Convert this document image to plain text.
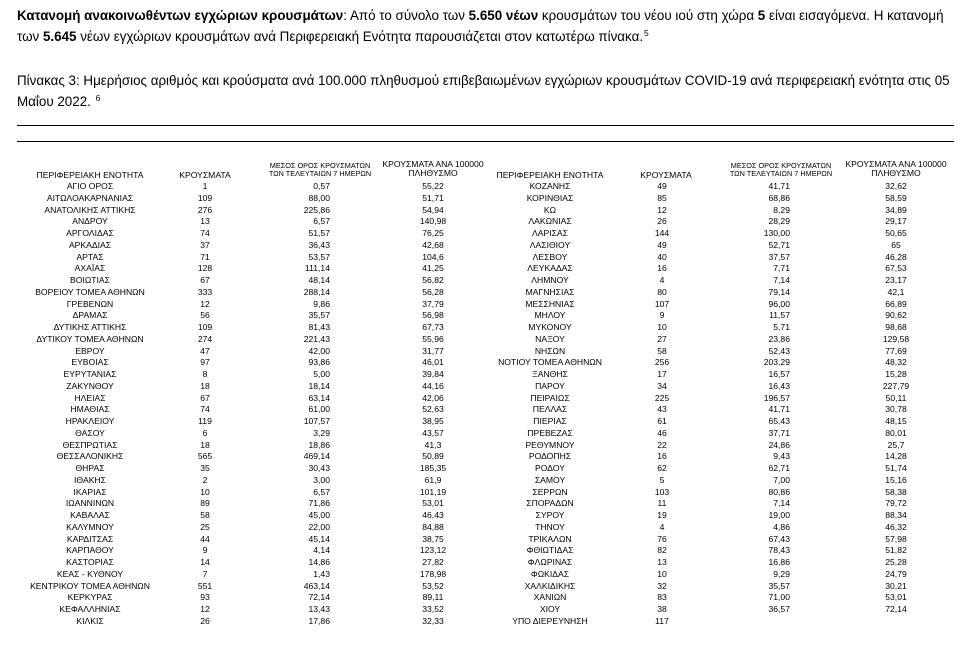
Κατανομή ανακοινωθέντων εγχώριων κρουσμάτων: Από το σύνολο των 5.650 νέων κρουσμάτων του νέου ιού στη χώρα 5 είναι εισαγόμενα. Η κατανομή των 5.645 νέων εγχώριων κρουσμάτων ανά Περιφερειακή Ενότητα παρουσιάζεται στον κατωτέρω πίνακα.$^5$
Πίνακας 3: Ημερήσιος αριθμός και κρούσματα ανά 100.000 πληθυσμού επιβεβαιωμένων εγχώριων κρουσμάτων COVID-19 ανά περιφερειακή ενότητα στις 05 Μαΐου 2022. $^6$
ΠΕΡΙΦΕΡΕΙΑΚΗ ΕΝΟΤΗΤΑ	ΚΡΟΥΣΜΑΤΑ
ΜΕΣΟΣ ΟΡΟΣ ΚΡΟΥΣΜΑΤΩΝ
ΤΩΝ ΤΕΛΕΥΤΑΙΩΝ 7 ΗΜΕΡΩΝ
ΚΡΟΥΣΜΑΤΑ ΑΝΑ 100000
ΠΛΗΘΥΣΜΟ	ΠΕΡΙΦΕΡΕΙΑΚΗ ΕΝΟΤΗΤΑ	ΚΡΟΥΣΜΑΤΑ
ΜΕΣΟΣ ΟΡΟΣ ΚΡΟΥΣΜΑΤΩΝ
ΤΩΝ ΤΕΛΕΥΤΑΙΩΝ 7 ΗΜΕΡΩΝ
ΚΡΟΥΣΜΑΤΑ ΑΝΑ 100000
ΠΛΗΘΥΣΜΟ
ΑΓΙΟ ΟΡΟΣ	1	0,57	55,22
ΑΙΤΩΛΟΑΚΑΡΝΑΝΙΑΣ	109	88,00	51,71
ΑΝΑΤΟΛΙΚΗΣ ΑΤΤΙΚΗΣ	276	225,86	54,94
ΑΝΔΡΟΥ	13	6,57	140,98
ΑΡΓΟΛΙΔΑΣ	74	51,57	76,25
ΑΡΚΑΔΙΑΣ	37	36,43	42,68
ΑΡΤΑΣ	71	53,57	104,6
ΑΧΑΪΑΣ	128	111,14	41,25
ΒΟΙΩΤΙΑΣ	67	48,14	56,82
ΒΟΡΕΙΟΥ ΤΟΜΕΑ ΑΘΗΝΩΝ	333	288,14	56,28
ΓΡΕΒΕΝΩΝ	12	9,86	37,79
ΔΡΑΜΑΣ	56	35,57	56,98
ΔΥΤΙΚΗΣ ΑΤΤΙΚΗΣ	109	81,43	67,73
ΔΥΤΙΚΟΥ ΤΟΜΕΑ ΑΘΗΝΩΝ	274	221,43	55,96
ΕΒΡΟΥ	47	42,00	31,77
ΕΥΒΟΙΑΣ	97	93,86	46,01
ΕΥΡΥΤΑΝΙΑΣ	8	5,00	39,84
ΖΑΚΥΝΘΟΥ	18	18,14	44,16
ΗΛΕΙΑΣ	67	63,14	42,06
ΗΜΑΘΙΑΣ	74	61,00	52,63
ΗΡΑΚΛΕΙΟΥ	119	107,57	38,95
ΘΑΣΟΥ	6	3,29	43,57
ΘΕΣΠΡΩΤΙΑΣ	18	18,86	41,3
ΘΕΣΣΑΛΟΝΙΚΗΣ	565	469,14	50,89
ΘΗΡΑΣ	35	30,43	185,35
ΙΘΑΚΗΣ	2	3,00	61,9
ΙΚΑΡΙΑΣ	10	6,57	101,19
ΙΩΑΝΝΙΝΩΝ	89	71,86	53,01
ΚΑΒΑΛΑΣ	58	45,00	46,43
ΚΑΛΥΜΝΟΥ	25	22,00	84,88
ΚΑΡΔΙΤΣΑΣ	44	45,14	38,75
ΚΑΡΠΑΘΟΥ	9	4,14	123,12
ΚΑΣΤΟΡΙΑΣ	14	14,86	27,82
ΚΕΑΣ - ΚΥΘΝΟΥ	7	1,43	178,98
ΚΕΝΤΡΙΚΟΥ ΤΟΜΕΑ ΑΘΗΝΩΝ	551	463,14	53,52
ΚΕΡΚΥΡΑΣ	93	72,14	89,11
ΚΕΦΑΛΛΗΝΙΑΣ	12	13,43	33,52
ΚΙΛΚΙΣ	26	17,86	32,33
ΚΟΖΑΝΗΣ	49	41,71	32,62
ΚΟΡΙΝΘΙΑΣ	85	68,86	58,59
ΚΩ	12	8,29	34,89
ΛΑΚΩΝΙΑΣ	26	28,29	29,17
ΛΑΡΙΣΑΣ	144	130,00	50,65
ΛΑΣΙΘΙΟΥ	49	52,71	65
ΛΕΣΒΟΥ	40	37,57	46,28
ΛΕΥΚΑΔΑΣ	16	7,71	67,53
ΛΗΜΝΟΥ	4	7,14	23,17
ΜΑΓΝΗΣΙΑΣ	80	79,14	42,1
ΜΕΣΣΗΝΙΑΣ	107	96,00	66,89
ΜΗΛΟΥ	9	11,57	90,62
ΜΥΚΟΝΟΥ	10	5,71	98,68
ΝΑΞΟΥ	27	23,86	129,58
ΝΗΣΩΝ	58	52,43	77,69
ΝΟΤΙΟΥ ΤΟΜΕΑ ΑΘΗΝΩΝ	256	203,29	48,32
ΞΑΝΘΗΣ	17	16,57	15,28
ΠΑΡΟΥ	34	16,43	227,79
ΠΕΙΡΑΙΩΣ	225	196,57	50,11
ΠΕΛΛΑΣ	43	41,71	30,78
ΠΙΕΡΙΑΣ	61	65,43	48,15
ΠΡΕΒΕΖΑΣ	46	37,71	80,01
ΡΕΘΥΜΝΟΥ	22	24,86	25,7
ΡΟΔΟΠΗΣ	16	9,43	14,28
ΡΟΔΟΥ	62	62,71	51,74
ΣΑΜΟΥ	5	7,00	15,16
ΣΕΡΡΩΝ	103	80,86	58,38
ΣΠΟΡΑΔΩΝ	11	7,14	79,72
ΣΥΡΟΥ	19	19,00	88,34
ΤΗΝΟΥ	4	4,86	46,32
ΤΡΙΚΑΛΩΝ	76	67,43	57,98
ΦΘΙΩΤΙΔΑΣ	82	78,43	51,82
ΦΛΩΡΙΝΑΣ	13	16,86	25,28
ΦΩΚΙΔΑΣ	10	9,29	24,79
ΧΑΛΚΙΔΙΚΗΣ	32	35,57	30,21
ΧΑΝΙΩΝ	83	71,00	53,01
ΧΙΟΥ	38	36,57	72,14
ΥΠΟ ΔΙΕΡΕΥΝΗΣΗ	117
